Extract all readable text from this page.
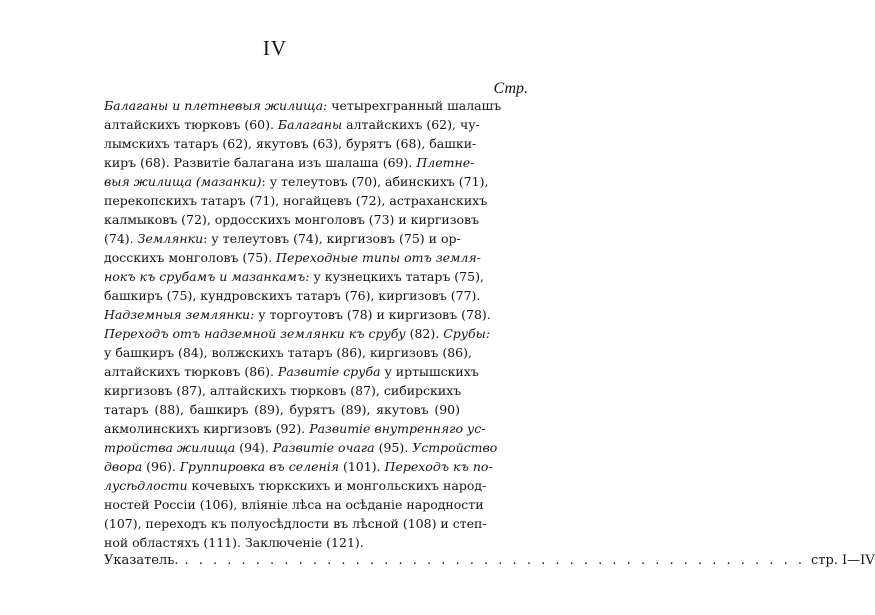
IV
Стр.
Балаганы и плетневыя жилища: четырехгранный шалашъ
алтайскихъ тюрковъ (60). Балаганы алтайскихъ (62), чу-
лымскихъ татаръ (62), якутовъ (63), бурятъ (68), башки-
киръ (68). Развитіе балагана изъ шалаша (69). Плетне-
выя жилища (мазанки): у телеутовъ (70), абинскихъ (71),
перекопскихъ татаръ (71), ногайцевъ (72), астраханскихъ
калмыковъ (72), ордосскихъ монголовъ (73) и киргизовъ
(74). Землянки: у телеутовъ (74), киргизовъ (75) и ор-
досскихъ монголовъ (75). Переходные типы отъ земля-
нокъ къ срубамъ и мазанкамъ: у кузнецкихъ татаръ (75),
башкиръ (75), кундровскихъ татаръ (76), киргизовъ (77).
Надземныя землянки: у торгоутовъ (78) и киргизовъ (78).
Переходъ отъ надземной землянки къ срубу (82). Срубы:
у башкиръ (84), волжскихъ татаръ (86), киргизовъ (86),
алтайскихъ тюрковъ (86). Развитіе сруба у иртышскихъ
киргизовъ (87), алтайскихъ тюрковъ (87), сибирскихъ
татаръ (88), башкиръ (89), бурятъ (89), якутовъ (90)
акмолинскихъ киргизовъ (92). Развитіе внутренняго ус-
тройства жилища (94). Развитіе очага (95). Устройство
двора (96). Группировка въ селенія (101). Переходъ къ по-
лусѣдлости кочевыхъ тюркскихъ и монгольскихъ народ-
ностей Россіи (106), вліяніе лѣса на осѣданіе народности
(107), переходъ къ полуосѣдлости въ лѣсной (108) и степ-
ной областяхъ (111). Заключеніе (121).
Указатель. . . . . . . . . . . . . . . . . . . . . . . . . . . . . . . . . . . . . . . . . . . . . стр. I—IV
